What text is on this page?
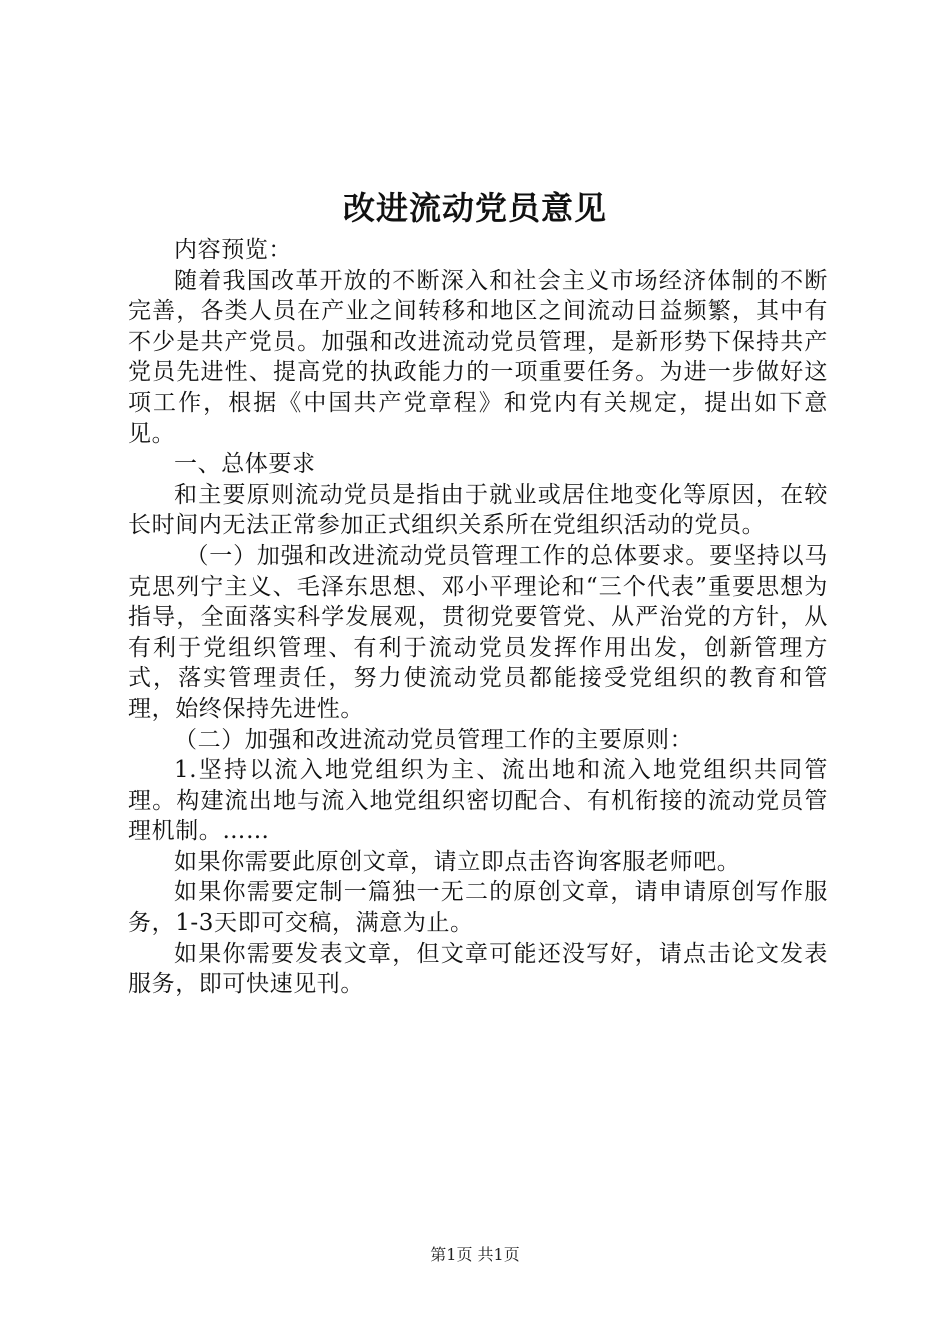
改进流动党员意见

内容预览：

随着我国改革开放的不断深入和社会主义市场经济体制的不断完善，各类人员在产业之间转移和地区之间流动日益频繁，其中有不少是共产党员。加强和改进流动党员管理，是新形势下保持共产党员先进性、提高党的执政能力的一项重要任务。为进一步做好这项工作，根据《中国共产党章程》和党内有关规定，提出如下意见。

一、总体要求

和主要原则流动党员是指由于就业或居住地变化等原因，在较长时间内无法正常参加正式组织关系所在党组织活动的党员。

（一）加强和改进流动党员管理工作的总体要求。要坚持以马克思列宁主义、毛泽东思想、邓小平理论和“三个代表”重要思想为指导，全面落实科学发展观，贯彻党要管党、从严治党的方针，从有利于党组织管理、有利于流动党员发挥作用出发，创新管理方式，落实管理责任，努力使流动党员都能接受党组织的教育和管理，始终保持先进性。

（二）加强和改进流动党员管理工作的主要原则：

1.坚持以流入地党组织为主、流出地和流入地党组织共同管理。构建流出地与流入地党组织密切配合、有机衔接的流动党员管理机制。……

如果你需要此原创文章，请立即点击咨询客服老师吧。

如果你需要定制一篇独一无二的原创文章，请申请原创写作服务，1-3天即可交稿，满意为止。

如果你需要发表文章，但文章可能还没写好，请点击论文发表服务，即可快速见刊。

第1页 共1页
